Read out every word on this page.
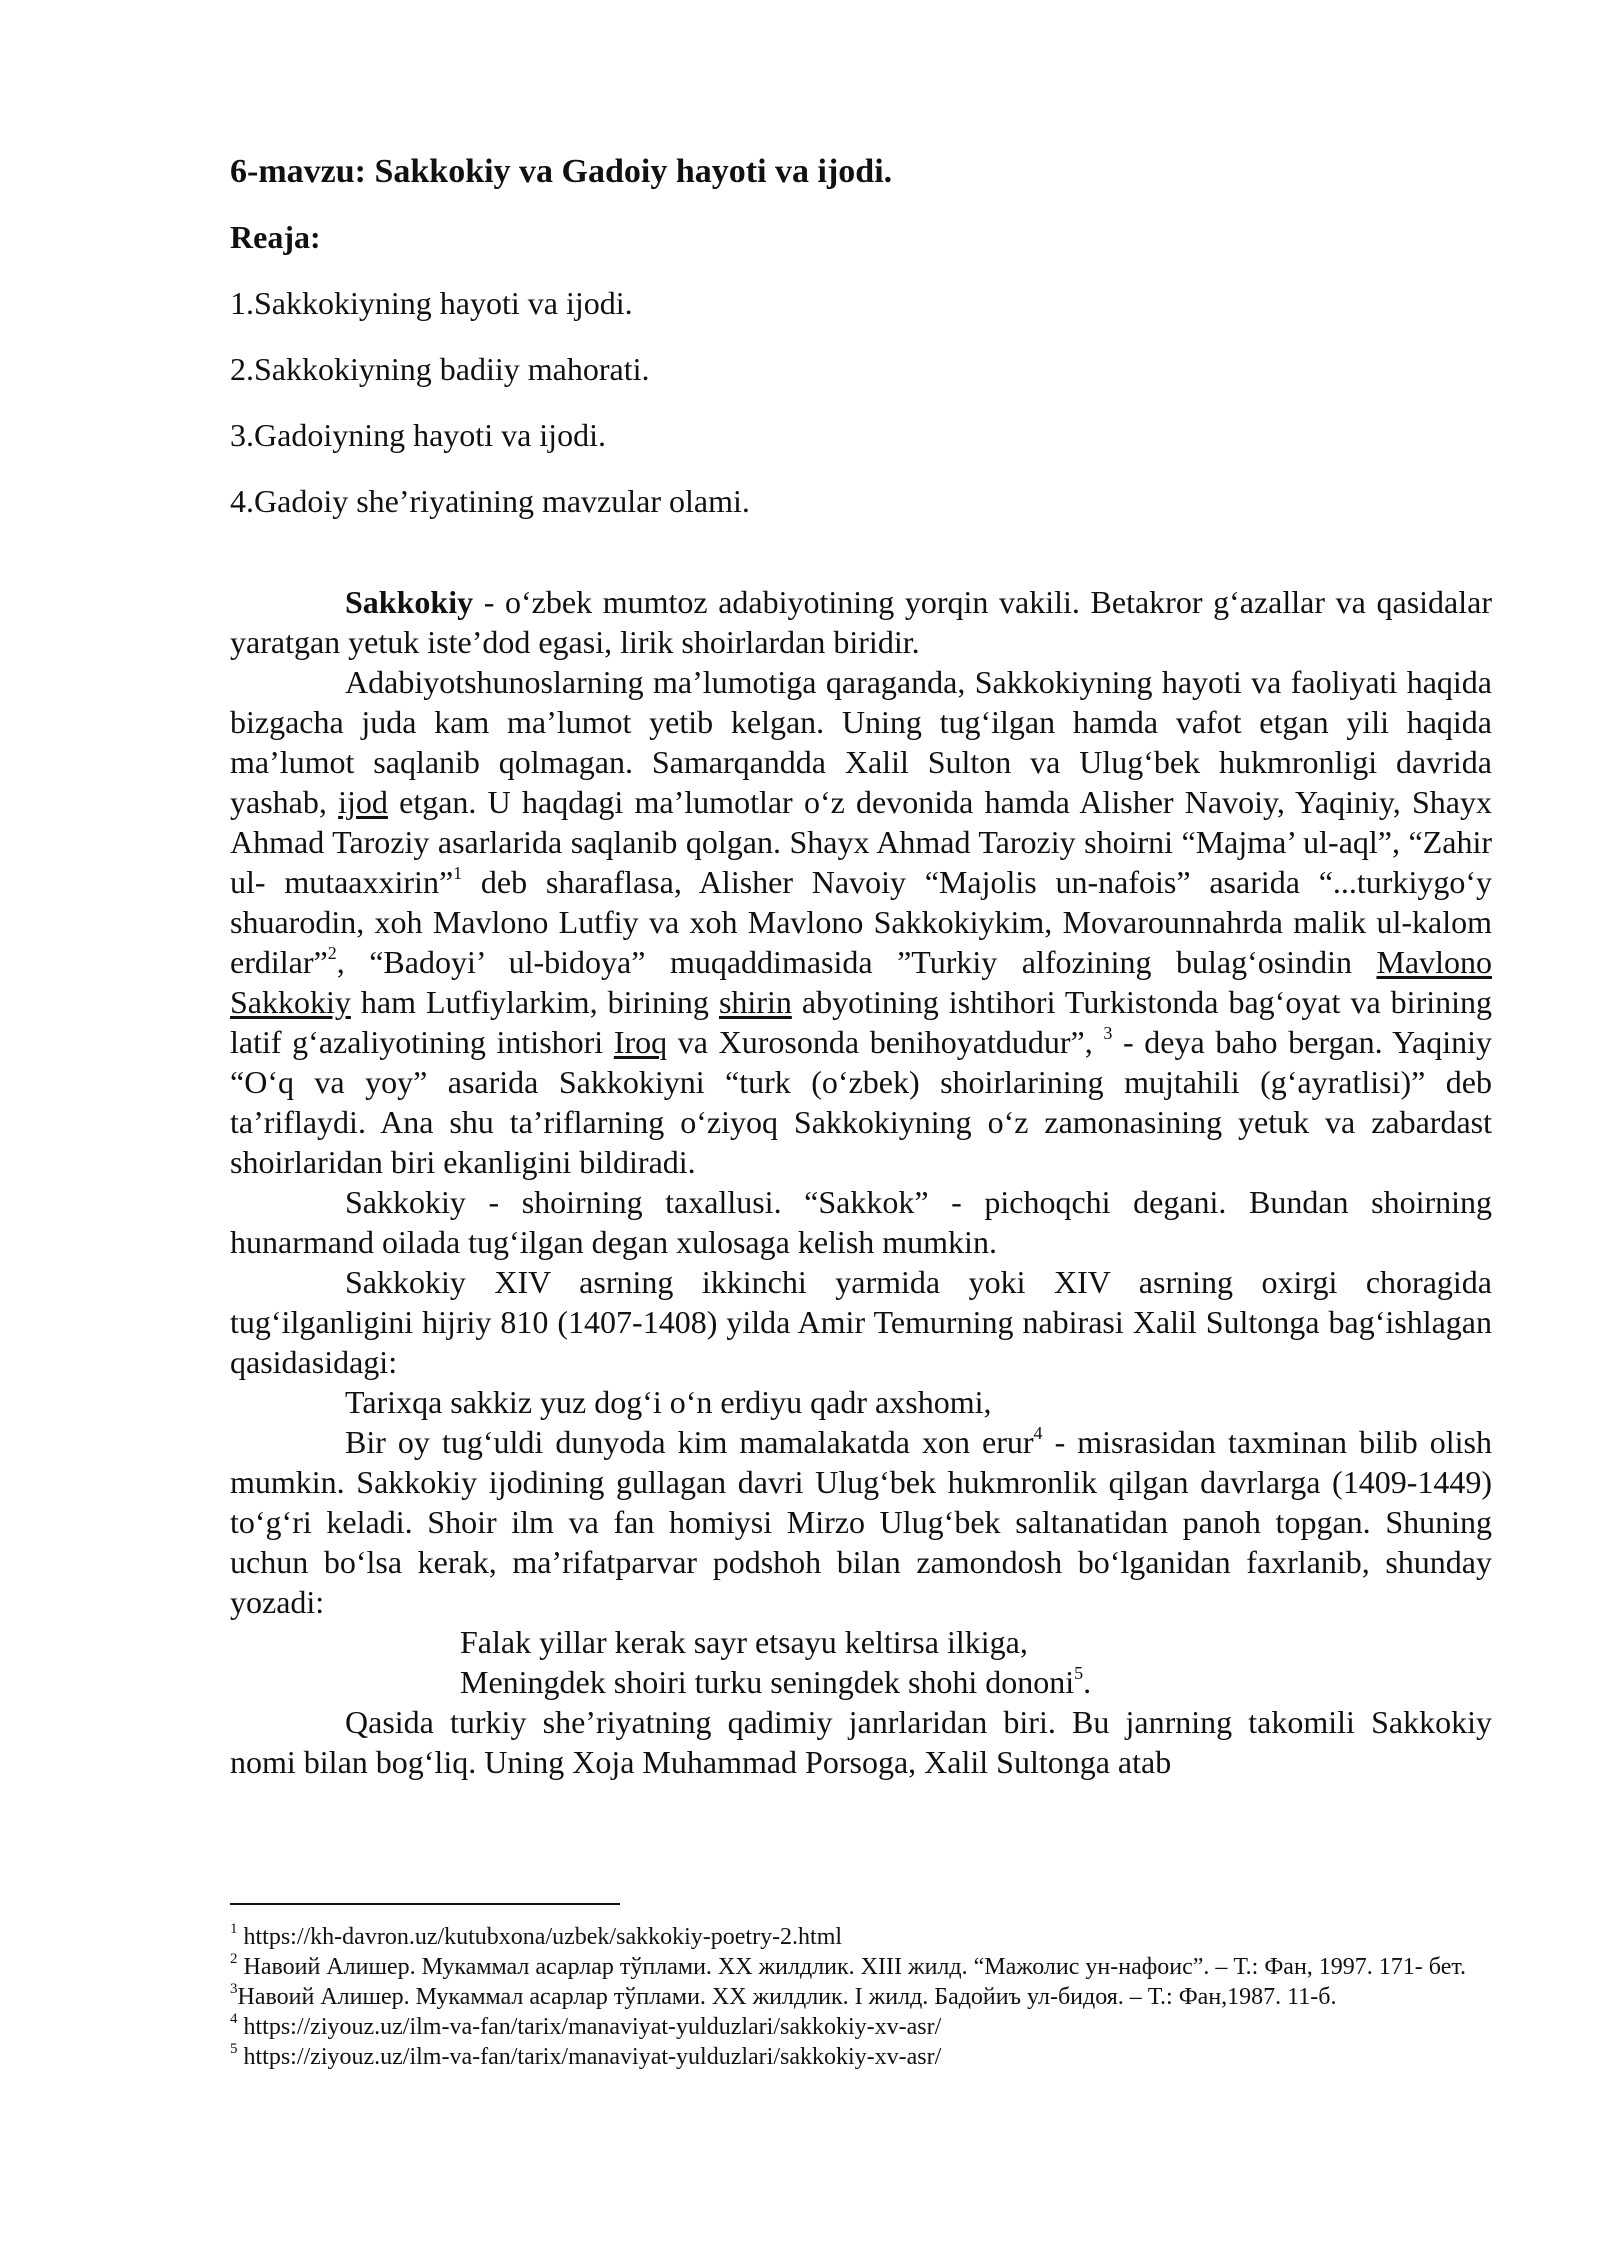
6-mavzu: Sakkokiy va Gadoiy hayoti va ijodi.

Reaja:

1.Sakkokiyning hayoti va ijodi.

2.Sakkokiyning badiiy mahorati.

3.Gadoiyning hayoti va ijodi.

4.Gadoiy she’riyatining mavzular olami.

Sakkokiy - o‘zbek mumtoz adabiyotining yorqin vakili. Betakror g‘azallar va qasidalar yaratgan yetuk iste’dod egasi, lirik shoirlardan biridir.

Adabiyotshunoslarning ma’lumotiga qaraganda, Sakkokiyning hayoti va faoliyati haqida bizgacha juda kam ma’lumot yetib kelgan. Uning tug‘ilgan hamda vafot etgan yili haqida ma’lumot saqlanib qolmagan. Samarqandda Xalil Sulton va Ulug‘bek hukmronligi davrida yashab, ijod etgan. U haqdagi ma’lumotlar o‘z devonida hamda Alisher Navoiy, Yaqiniy, Shayx Ahmad Taroziy asarlarida saqlanib qolgan. Shayx Ahmad Taroziy shoirni “Majma’ ul-aql”, “Zahir ul- mutaaxxirin”$^1$ deb sharaflasa, Alisher Navoiy “Majolis un-nafois” asarida “...turkiygo‘y shuarodin, xoh Mavlono Lutfiy va xoh Mavlono Sakkokiykim, Movarounnahrda malik ul-kalom erdilar”$^2$, “Badoyi’ ul-bidoya” muqaddimasida ”Turkiy alfozining bulag‘osindin Mavlono Sakkokiy ham Lutfiylarkim, birining shirin abyotining ishtihori Turkistonda bag‘oyat va birining latif g‘azaliyotining intishori Iroq va Xurosonda benihoyatdudur”, $^3$ - deya baho bergan. Yaqiniy “O‘q va yoy” asarida Sakkokiyni “turk (o‘zbek) shoirlarining mujtahili (g‘ayratlisi)” deb ta’riflaydi. Ana shu ta’riflarning o‘ziyoq Sakkokiyning o‘z zamonasining yetuk va zabardast shoirlaridan biri ekanligini bildiradi.

Sakkokiy - shoirning taxallusi. “Sakkok” - pichoqchi degani. Bundan shoirning hunarmand oilada tug‘ilgan degan xulosaga kelish mumkin.

Sakkokiy XIV asrning ikkinchi yarmida yoki XIV asrning oxirgi choragida tug‘ilganligini hijriy 810 (1407-1408) yilda Amir Temurning nabirasi Xalil Sultonga bag‘ishlagan qasidasidagi:

Tarixqa sakkiz yuz dog‘i o‘n erdiyu qadr axshomi,

Bir oy tug‘uldi dunyoda kim mamalakatda xon erur$^4$ - misrasidan taxminan bilib olish mumkin. Sakkokiy ijodining gullagan davri Ulug‘bek hukmronlik qilgan davrlarga (1409-1449) to‘g‘ri keladi. Shoir ilm va fan homiysi Mirzo Ulug‘bek saltanatidan panoh topgan. Shuning uchun bo‘lsa kerak, ma’rifatparvar podshoh bilan zamondosh bo‘lganidan faxrlanib, shunday yozadi:

Falak yillar kerak sayr etsayu keltirsa ilkiga,

Meningdek shoiri turku seningdek shohi dononi$^5$.

Qasida turkiy she’riyatning qadimiy janrlaridan biri. Bu janrning takomili Sakkokiy nomi bilan bog‘liq. Uning Xoja Muhammad Porsoga, Xalil Sultonga atab

$^1$ https://kh-davron.uz/kutubxona/uzbek/sakkokiy-poetry-2.html

$^2$ Навоий Алишер. Мукаммал асарлар тўплами. XX жилдлик. XIII жилд. “Мажолис ун-нафоис”. – Т.: Фан, 1997. 171- бет.

$^3$Навоий Алишер. Мукаммал асарлар тўплами. XX жилдлик. I жилд. Бадойиъ ул-бидоя. – Т.: Фан,1987. 11-б.

$^4$ https://ziyouz.uz/ilm-va-fan/tarix/manaviyat-yulduzlari/sakkokiy-xv-asr/

$^5$ https://ziyouz.uz/ilm-va-fan/tarix/manaviyat-yulduzlari/sakkokiy-xv-asr/
